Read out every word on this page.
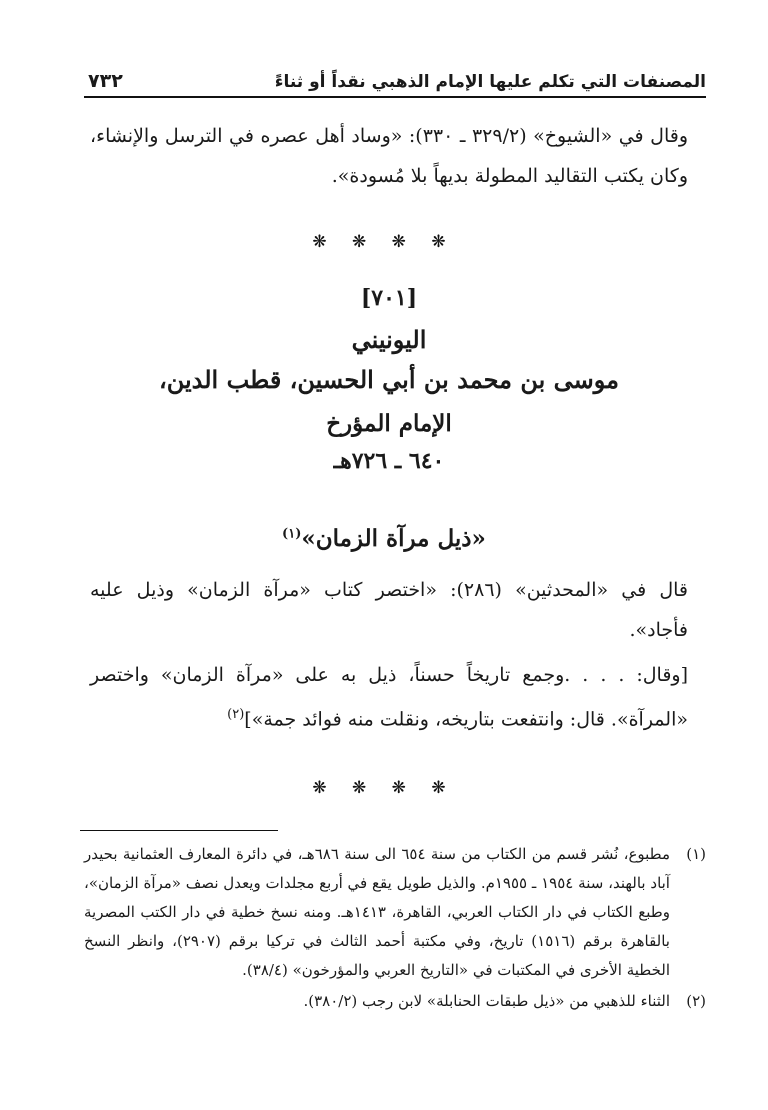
المصنفات التي تكلم عليها الإمام الذهبي نقداً أو ثناءً
٧٣٢
وقال في «الشيوخ» (٣٢٩/٢ ـ ٣٣٠): «وساد أهل عصره في الترسل والإنشاء، وكان يكتب التقاليد المطولة بديهاً بلا مُسودة».
❋ ❋ ❋ ❋
[٧٠١]
اليونيني
موسى بن محمد بن أبي الحسين، قطب الدين،
الإمام المؤرخ
٦٤٠ ـ ٧٢٦هـ
«ذيل مرآة الزمان»$^{(١)}$
قال في «المحدثين» (٢٨٦): «اختصر كتاب «مرآة الزمان» وذيل عليه فأجاد».
[وقال: . . . .وجمع تاريخاً حسناً، ذيل به على «مرآة الزمان» واختصر «المرآة». قال: وانتفعت بتاريخه، ونقلت منه فوائد جمة»]$^{(٢)}$
❋ ❋ ❋ ❋
(١)
مطبوع، نُشر قسم من الكتاب من سنة ٦٥٤ الى سنة ٦٨٦هـ، في دائرة المعارف العثمانية بحيدر آباد بالهند، سنة ١٩٥٤ ـ ١٩٥٥م. والذيل طويل يقع في أربع مجلدات ويعدل نصف «مرآة الزمان»، وطبع الكتاب في دار الكتاب العربي، القاهرة، ١٤١٣هـ. ومنه نسخ خطية في دار الكتب المصرية بالقاهرة برقم (١٥١٦) تاريخ، وفي مكتبة أحمد الثالث في تركيا برقم (٢٩٠٧)، وانظر النسخ الخطية الأخرى في المكتبات في «التاريخ العربي والمؤرخون» (٣٨/٤).
(٢)
الثناء للذهبي من «ذيل طبقات الحنابلة» لابن رجب (٣٨٠/٢).
